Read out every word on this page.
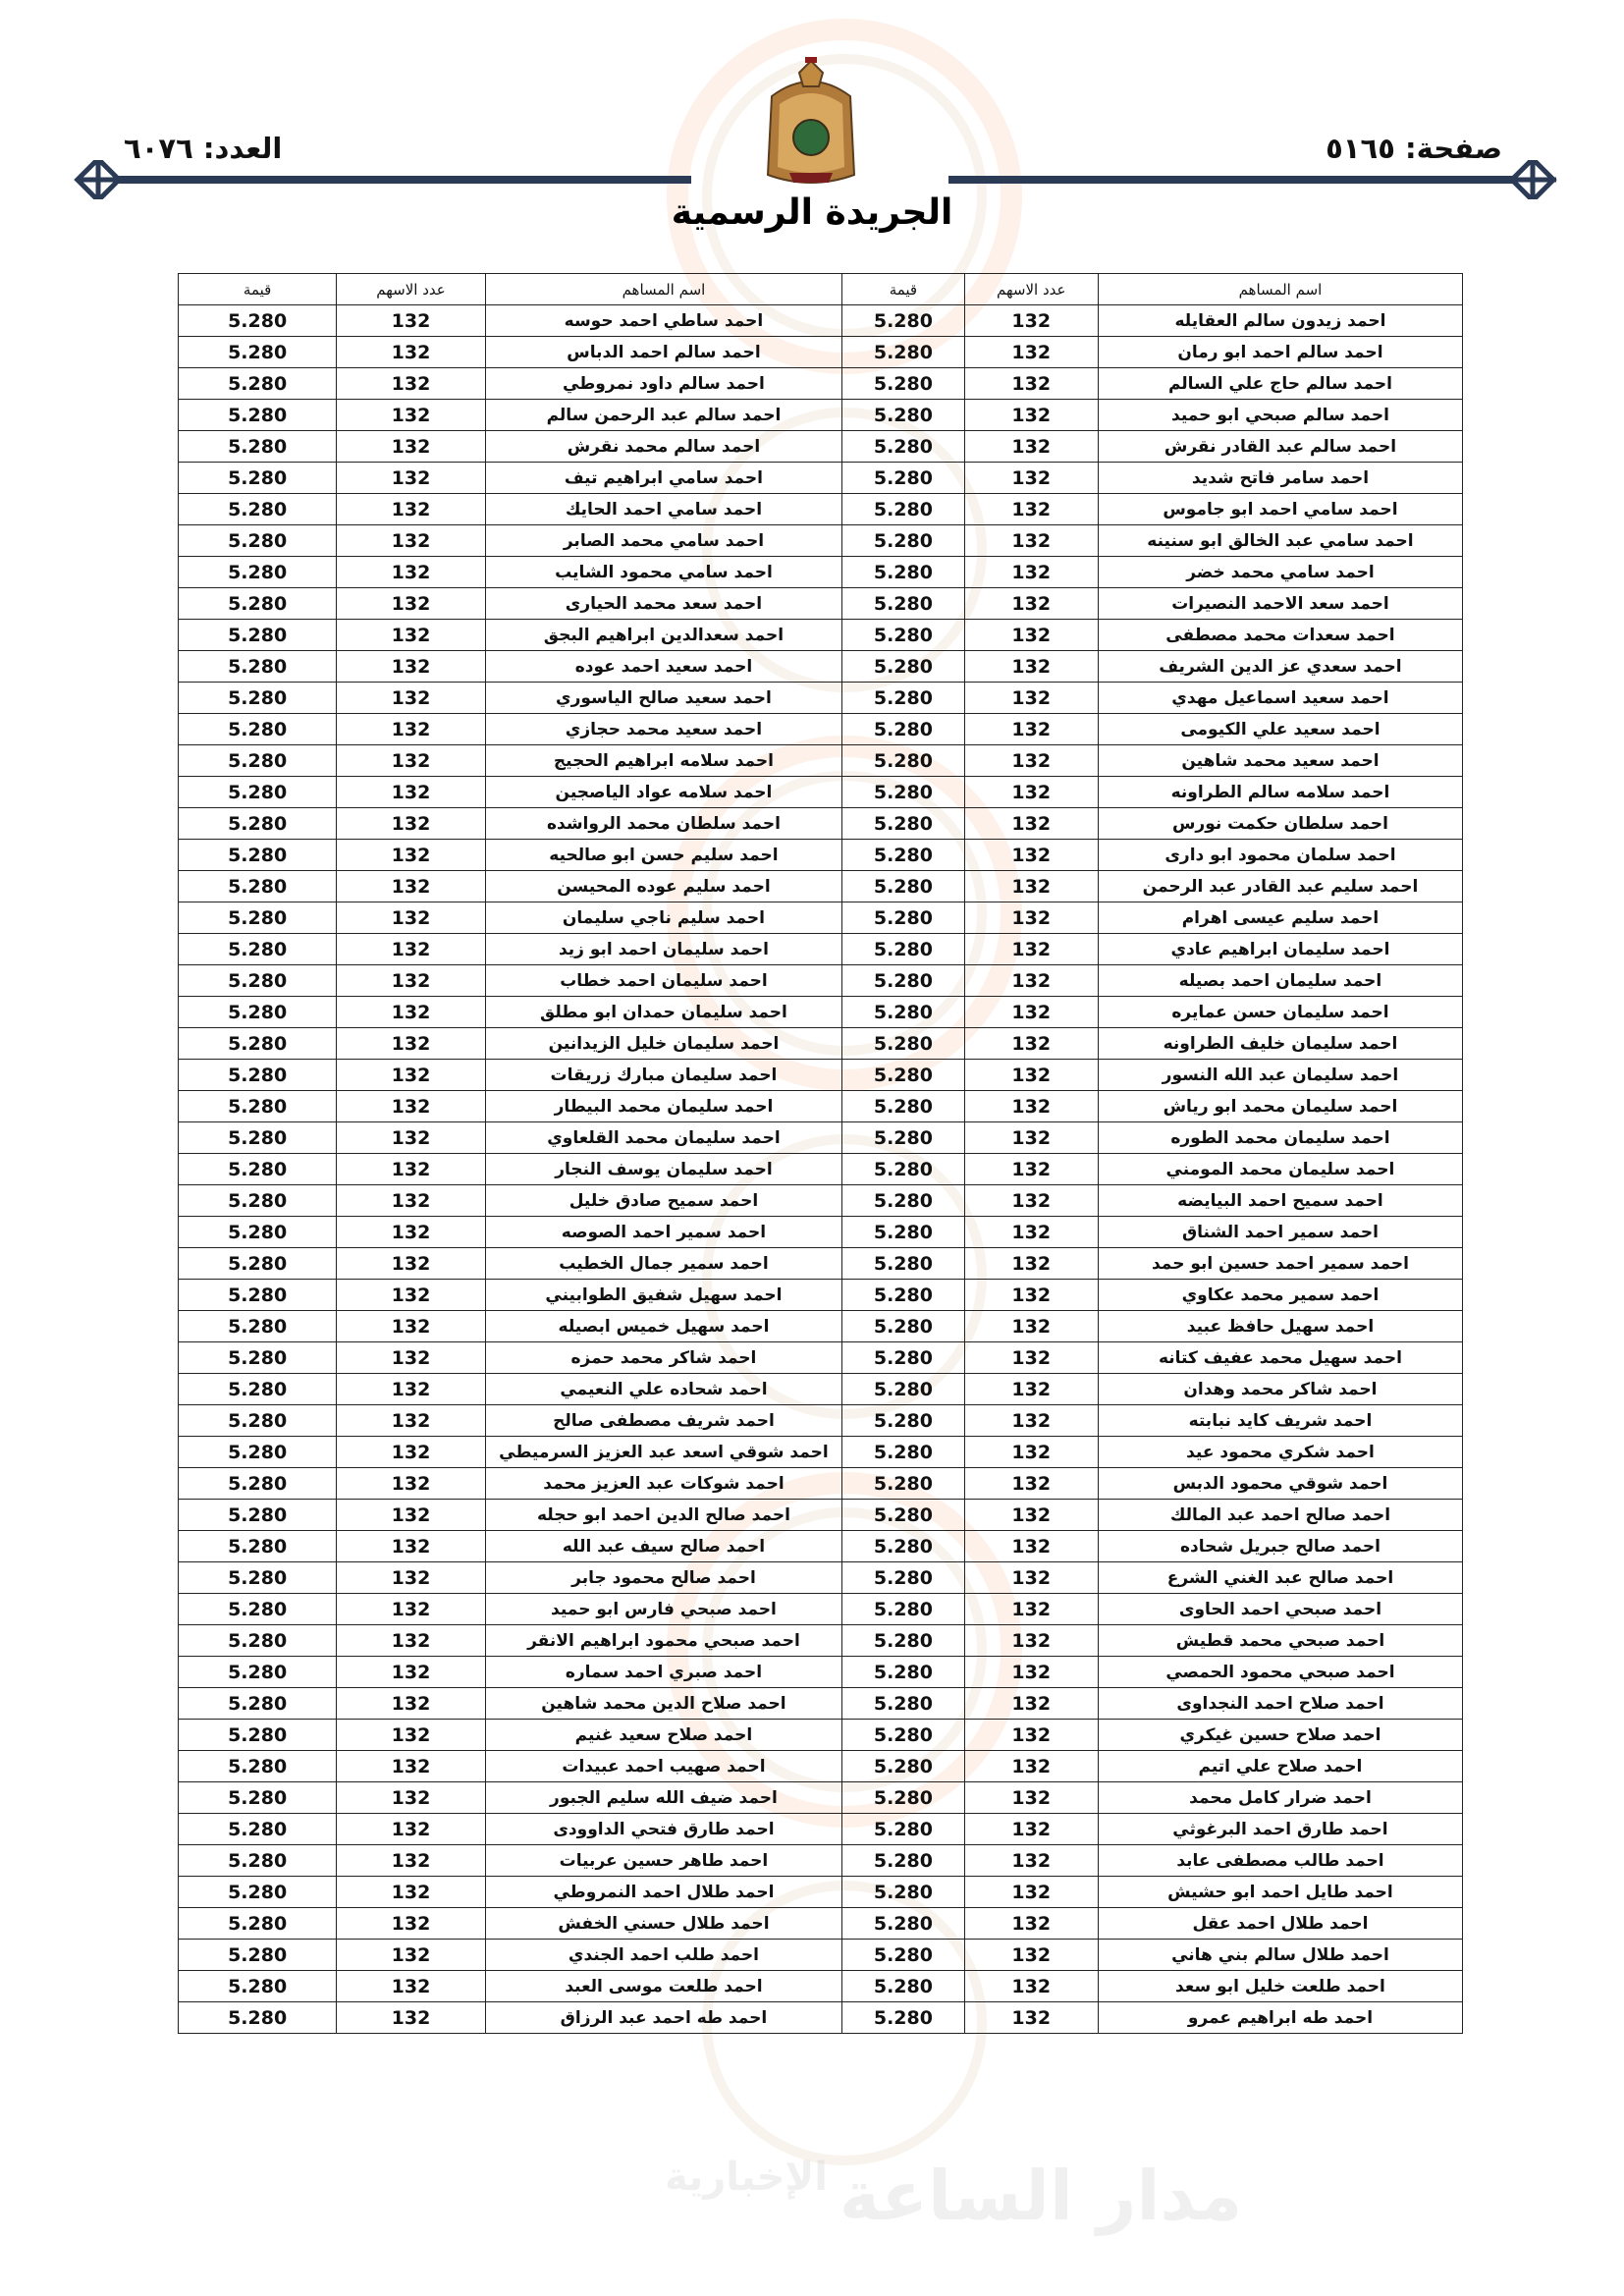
مدار الساعة
الإخبارية
صفحة: ٥١٦٥
العدد: ٦٠٧٦
الجريدة الرسمية
اسم المساهم	عدد الاسهم	قيمة	اسم المساهم	عدد الاسهم	قيمة
احمد زيدون سالم العقايله	132	5.280	احمد ساطي احمد حوسه	132	5.280
احمد سالم احمد ابو رمان	132	5.280	احمد سالم احمد الدباس	132	5.280
احمد سالم حاج علي السالم	132	5.280	احمد سالم داود نمروطي	132	5.280
احمد سالم صبحي ابو حميد	132	5.280	احمد سالم عبد الرحمن سالم	132	5.280
احمد سالم عبد القادر نقرش	132	5.280	احمد سالم محمد نقرش	132	5.280
احمد سامر فاتح شديد	132	5.280	احمد سامي ابراهيم تيف	132	5.280
احمد سامي احمد ابو جاموس	132	5.280	احمد سامي احمد الحايك	132	5.280
احمد سامي عبد الخالق ابو سنينه	132	5.280	احمد سامي محمد الصابر	132	5.280
احمد سامي محمد خضر	132	5.280	احمد سامي محمود الشايب	132	5.280
احمد سعد الاحمد النصيرات	132	5.280	احمد سعد محمد الحيارى	132	5.280
احمد سعدات محمد مصطفى	132	5.280	احمد سعدالدين ابراهيم البجق	132	5.280
احمد سعدي عز الدين الشريف	132	5.280	احمد سعيد احمد عوده	132	5.280
احمد سعيد اسماعيل مهدي	132	5.280	احمد سعيد صالح الياسوري	132	5.280
احمد سعيد علي الكيومى	132	5.280	احمد سعيد محمد حجازي	132	5.280
احمد سعيد محمد شاهين	132	5.280	احمد سلامه ابراهيم الحجيج	132	5.280
احمد سلامه سالم الطراونه	132	5.280	احمد سلامه عواد الياصجين	132	5.280
احمد سلطان حكمت نورس	132	5.280	احمد سلطان محمد الرواشده	132	5.280
احمد سلمان محمود ابو دارى	132	5.280	احمد سليم حسن ابو صالحيه	132	5.280
احمد سليم عبد القادر عبد الرحمن	132	5.280	احمد سليم عوده المحيسن	132	5.280
احمد سليم عيسى اهرام	132	5.280	احمد سليم ناجي سليمان	132	5.280
احمد سليمان ابراهيم عادي	132	5.280	احمد سليمان احمد ابو زيد	132	5.280
احمد سليمان احمد بصيله	132	5.280	احمد سليمان احمد خطاب	132	5.280
احمد سليمان حسن عمايره	132	5.280	احمد سليمان حمدان ابو مطلق	132	5.280
احمد سليمان خليف الطراونه	132	5.280	احمد سليمان خليل الزيدانين	132	5.280
احمد سليمان عبد الله النسور	132	5.280	احمد سليمان مبارك زريقات	132	5.280
احمد سليمان محمد ابو رياش	132	5.280	احمد سليمان محمد البيطار	132	5.280
احمد سليمان محمد الطوره	132	5.280	احمد سليمان محمد القلعاوي	132	5.280
احمد سليمان محمد المومني	132	5.280	احمد سليمان يوسف النجار	132	5.280
احمد سميح احمد البيايضه	132	5.280	احمد سميح صادق خليل	132	5.280
احمد سمير احمد الشناق	132	5.280	احمد سمير احمد الصوصه	132	5.280
احمد سمير احمد حسين ابو حمد	132	5.280	احمد سمير جمال الخطيب	132	5.280
احمد سمير محمد عكاوي	132	5.280	احمد سهيل شفيق الطوابيني	132	5.280
احمد سهيل حافظ عبيد	132	5.280	احمد سهيل خميس ابصيله	132	5.280
احمد سهيل محمد عفيف كتانه	132	5.280	احمد شاكر محمد حمزه	132	5.280
احمد شاكر محمد وهدان	132	5.280	احمد شحاده علي النعيمي	132	5.280
احمد شريف كايد نبابته	132	5.280	احمد شريف مصطفى صالح	132	5.280
احمد شكري محمود عيد	132	5.280	احمد شوقي اسعد عبد العزيز السرميطي	132	5.280
احمد شوقي محمود الدبس	132	5.280	احمد شوكات عبد العزيز محمد	132	5.280
احمد صالح احمد عبد المالك	132	5.280	احمد صالح الدين احمد ابو حجله	132	5.280
احمد صالح جبريل شحاده	132	5.280	احمد صالح سيف عبد الله	132	5.280
احمد صالح عبد الغني الشرع	132	5.280	احمد صالح محمود جابر	132	5.280
احمد صبحي احمد الحاوى	132	5.280	احمد صبحي فارس ابو حميد	132	5.280
احمد صبحي محمد قطيش	132	5.280	احمد صبحي محمود ابراهيم الانقر	132	5.280
احمد صبحي محمود الحمصي	132	5.280	احمد صبري احمد سماره	132	5.280
احمد صلاح احمد النجداوى	132	5.280	احمد صلاح الدين محمد شاهين	132	5.280
احمد صلاح حسين غيكري	132	5.280	احمد صلاح سعيد غنيم	132	5.280
احمد صلاح علي اتيم	132	5.280	احمد صهيب احمد عبيدات	132	5.280
احمد ضرار كامل محمد	132	5.280	احمد ضيف الله سليم الجبور	132	5.280
احمد طارق احمد البرغوثي	132	5.280	احمد طارق فتحي الداوودى	132	5.280
احمد طالب مصطفى عابد	132	5.280	احمد طاهر حسين عربيات	132	5.280
احمد طايل احمد ابو حشيش	132	5.280	احمد طلال احمد النمروطي	132	5.280
احمد طلال احمد عقل	132	5.280	احمد طلال حسني الخفش	132	5.280
احمد طلال سالم بني هاني	132	5.280	احمد طلب احمد الجندي	132	5.280
احمد طلعت خليل ابو سعد	132	5.280	احمد طلعت موسى العبد	132	5.280
احمد طه ابراهيم عمرو	132	5.280	احمد طه احمد عبد الرزاق	132	5.280
